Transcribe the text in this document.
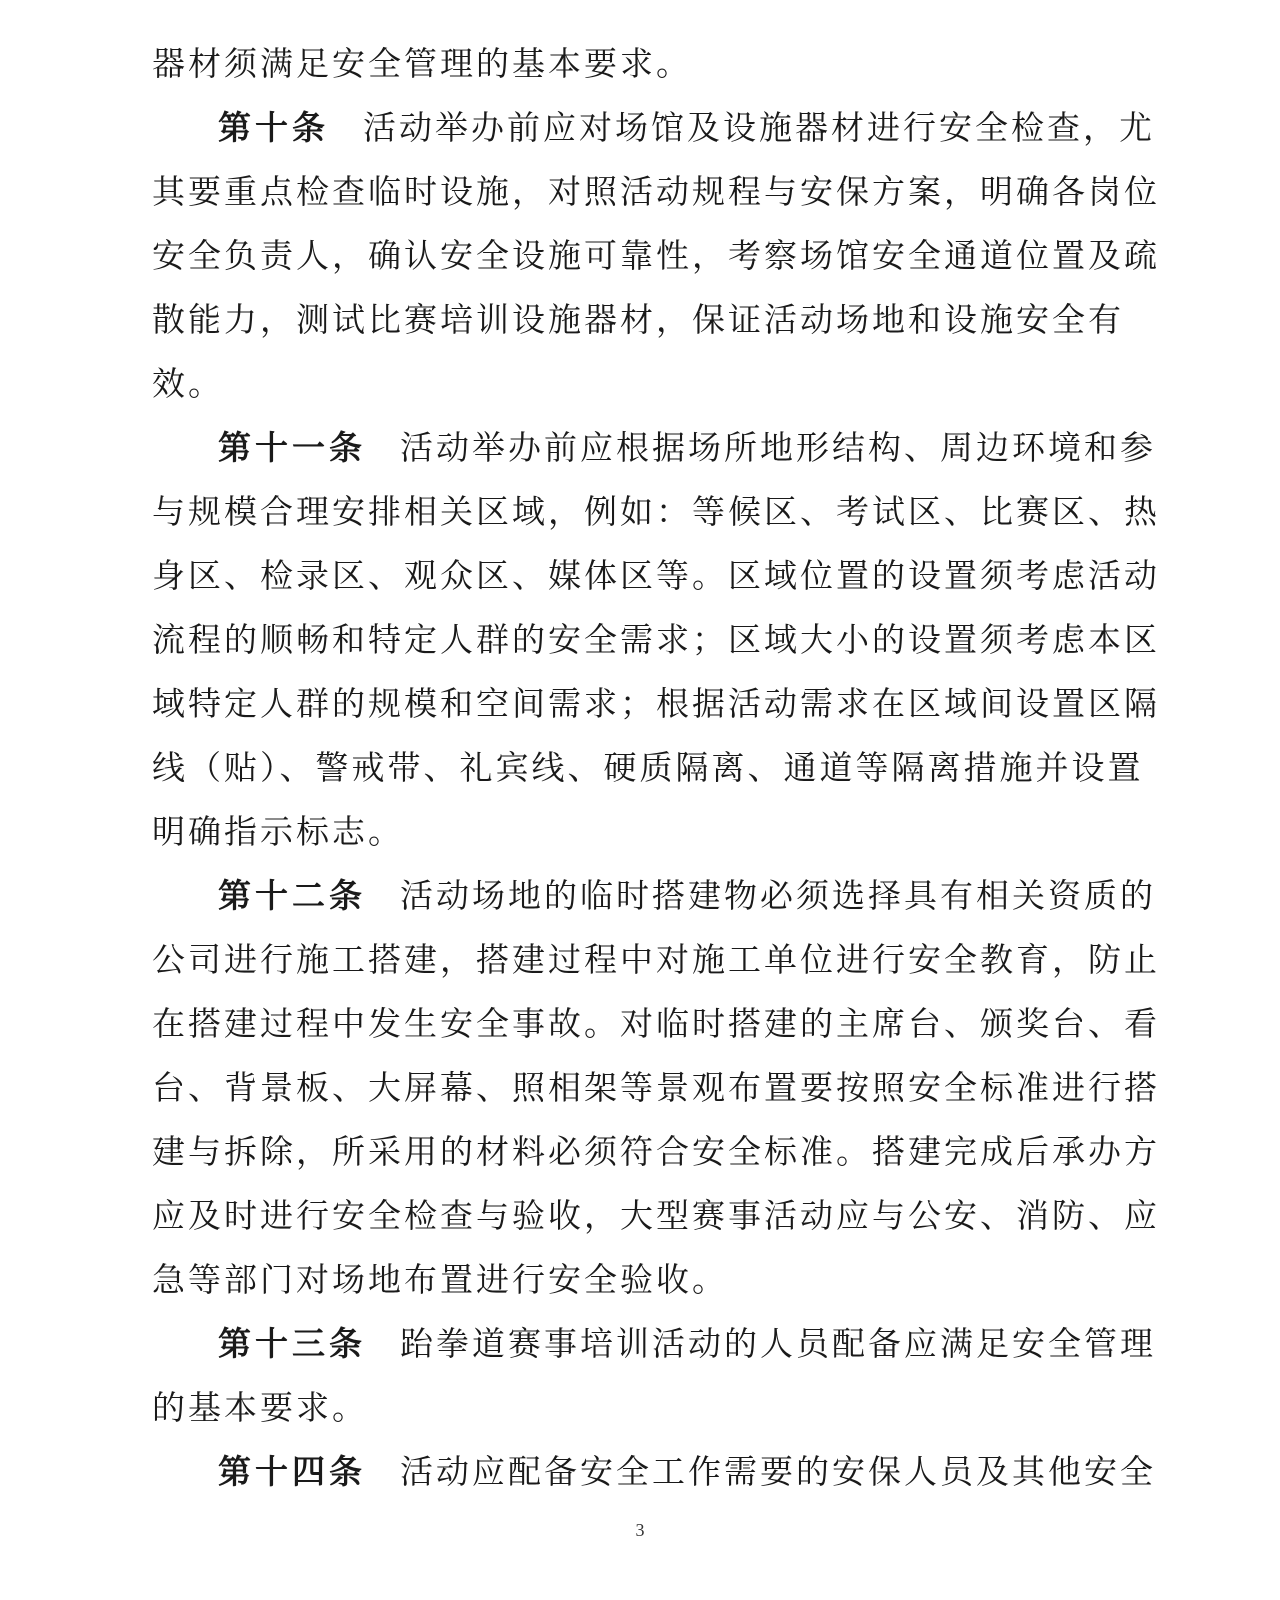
器材须满足安全管理的基本要求。
第十条 活动举办前应对场馆及设施器材进行安全检查，尤
其要重点检查临时设施，对照活动规程与安保方案，明确各岗位
安全负责人，确认安全设施可靠性，考察场馆安全通道位置及疏
散能力，测试比赛培训设施器材，保证活动场地和设施安全有
效。
第十一条 活动举办前应根据场所地形结构、周边环境和参
与规模合理安排相关区域，例如：等候区、考试区、比赛区、热
身区、检录区、观众区、媒体区等。区域位置的设置须考虑活动
流程的顺畅和特定人群的安全需求；区域大小的设置须考虑本区
域特定人群的规模和空间需求；根据活动需求在区域间设置区隔
线（贴）、警戒带、礼宾线、硬质隔离、通道等隔离措施并设置
明确指示标志。
第十二条 活动场地的临时搭建物必须选择具有相关资质的
公司进行施工搭建，搭建过程中对施工单位进行安全教育，防止
在搭建过程中发生安全事故。对临时搭建的主席台、颁奖台、看
台、背景板、大屏幕、照相架等景观布置要按照安全标准进行搭
建与拆除，所采用的材料必须符合安全标准。搭建完成后承办方
应及时进行安全检查与验收，大型赛事活动应与公安、消防、应
急等部门对场地布置进行安全验收。
第十三条 跆拳道赛事培训活动的人员配备应满足安全管理
的基本要求。
第十四条 活动应配备安全工作需要的安保人员及其他安全
3
